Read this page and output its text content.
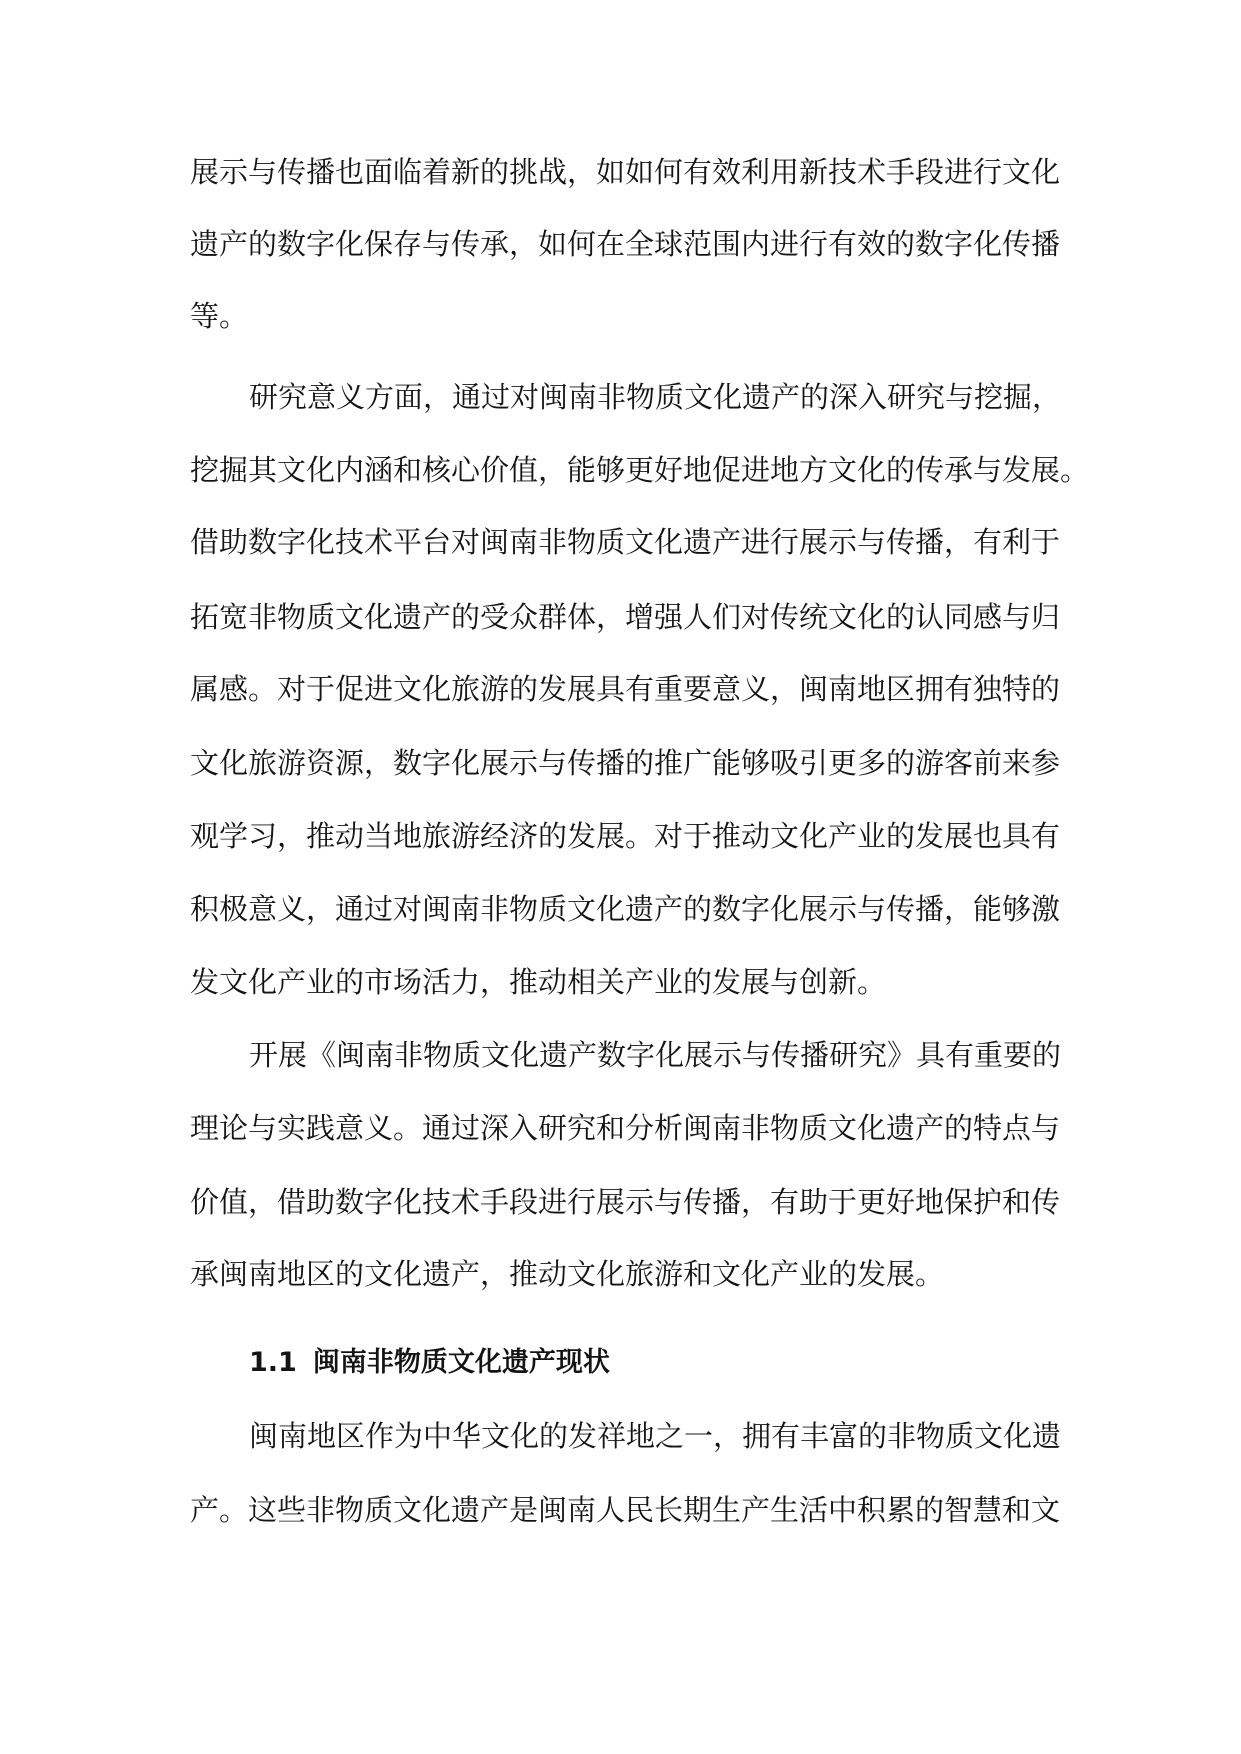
展示与传播也面临着新的挑战，如如何有效利用新技术手段进行文化
遗产的数字化保存与传承，如何在全球范围内进行有效的数字化传播
等。
研究意义方面，通过对闽南非物质文化遗产的深入研究与挖掘，
挖掘其文化内涵和核心价值，能够更好地促进地方文化的传承与发展。
借助数字化技术平台对闽南非物质文化遗产进行展示与传播，有利于
拓宽非物质文化遗产的受众群体，增强人们对传统文化的认同感与归
属感。对于促进文化旅游的发展具有重要意义，闽南地区拥有独特的
文化旅游资源，数字化展示与传播的推广能够吸引更多的游客前来参
观学习，推动当地旅游经济的发展。对于推动文化产业的发展也具有
积极意义，通过对闽南非物质文化遗产的数字化展示与传播，能够激
发文化产业的市场活力，推动相关产业的发展与创新。
开展《闽南非物质文化遗产数字化展示与传播研究》具有重要的
理论与实践意义。通过深入研究和分析闽南非物质文化遗产的特点与
价值，借助数字化技术手段进行展示与传播，有助于更好地保护和传
承闽南地区的文化遗产，推动文化旅游和文化产业的发展。
1.1 闽南非物质文化遗产现状
闽南地区作为中华文化的发祥地之一，拥有丰富的非物质文化遗
产。这些非物质文化遗产是闽南人民长期生产生活中积累的智慧和文
